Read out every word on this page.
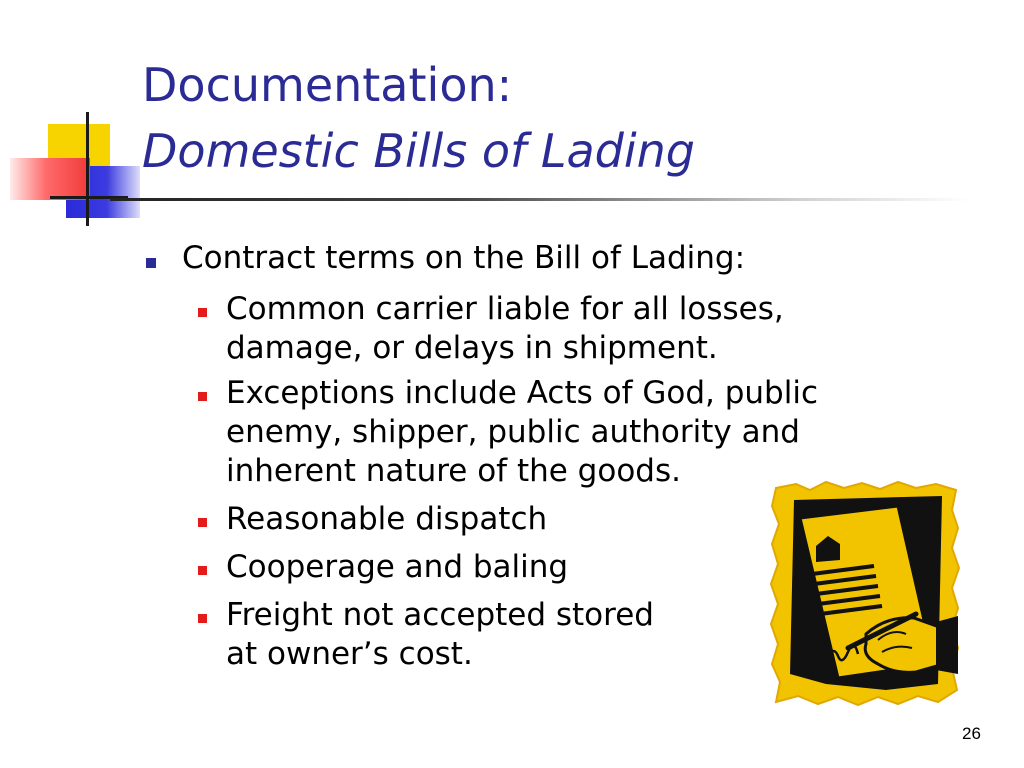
Documentation:
Domestic Bills of Lading
Contract terms on the Bill of Lading:
Common carrier liable for all losses,
damage, or delays in shipment.
Exceptions include Acts of God, public
enemy, shipper, public authority and
inherent nature of the goods.
Reasonable dispatch
Cooperage and baling
Freight not accepted stored
at owner’s cost.
26
